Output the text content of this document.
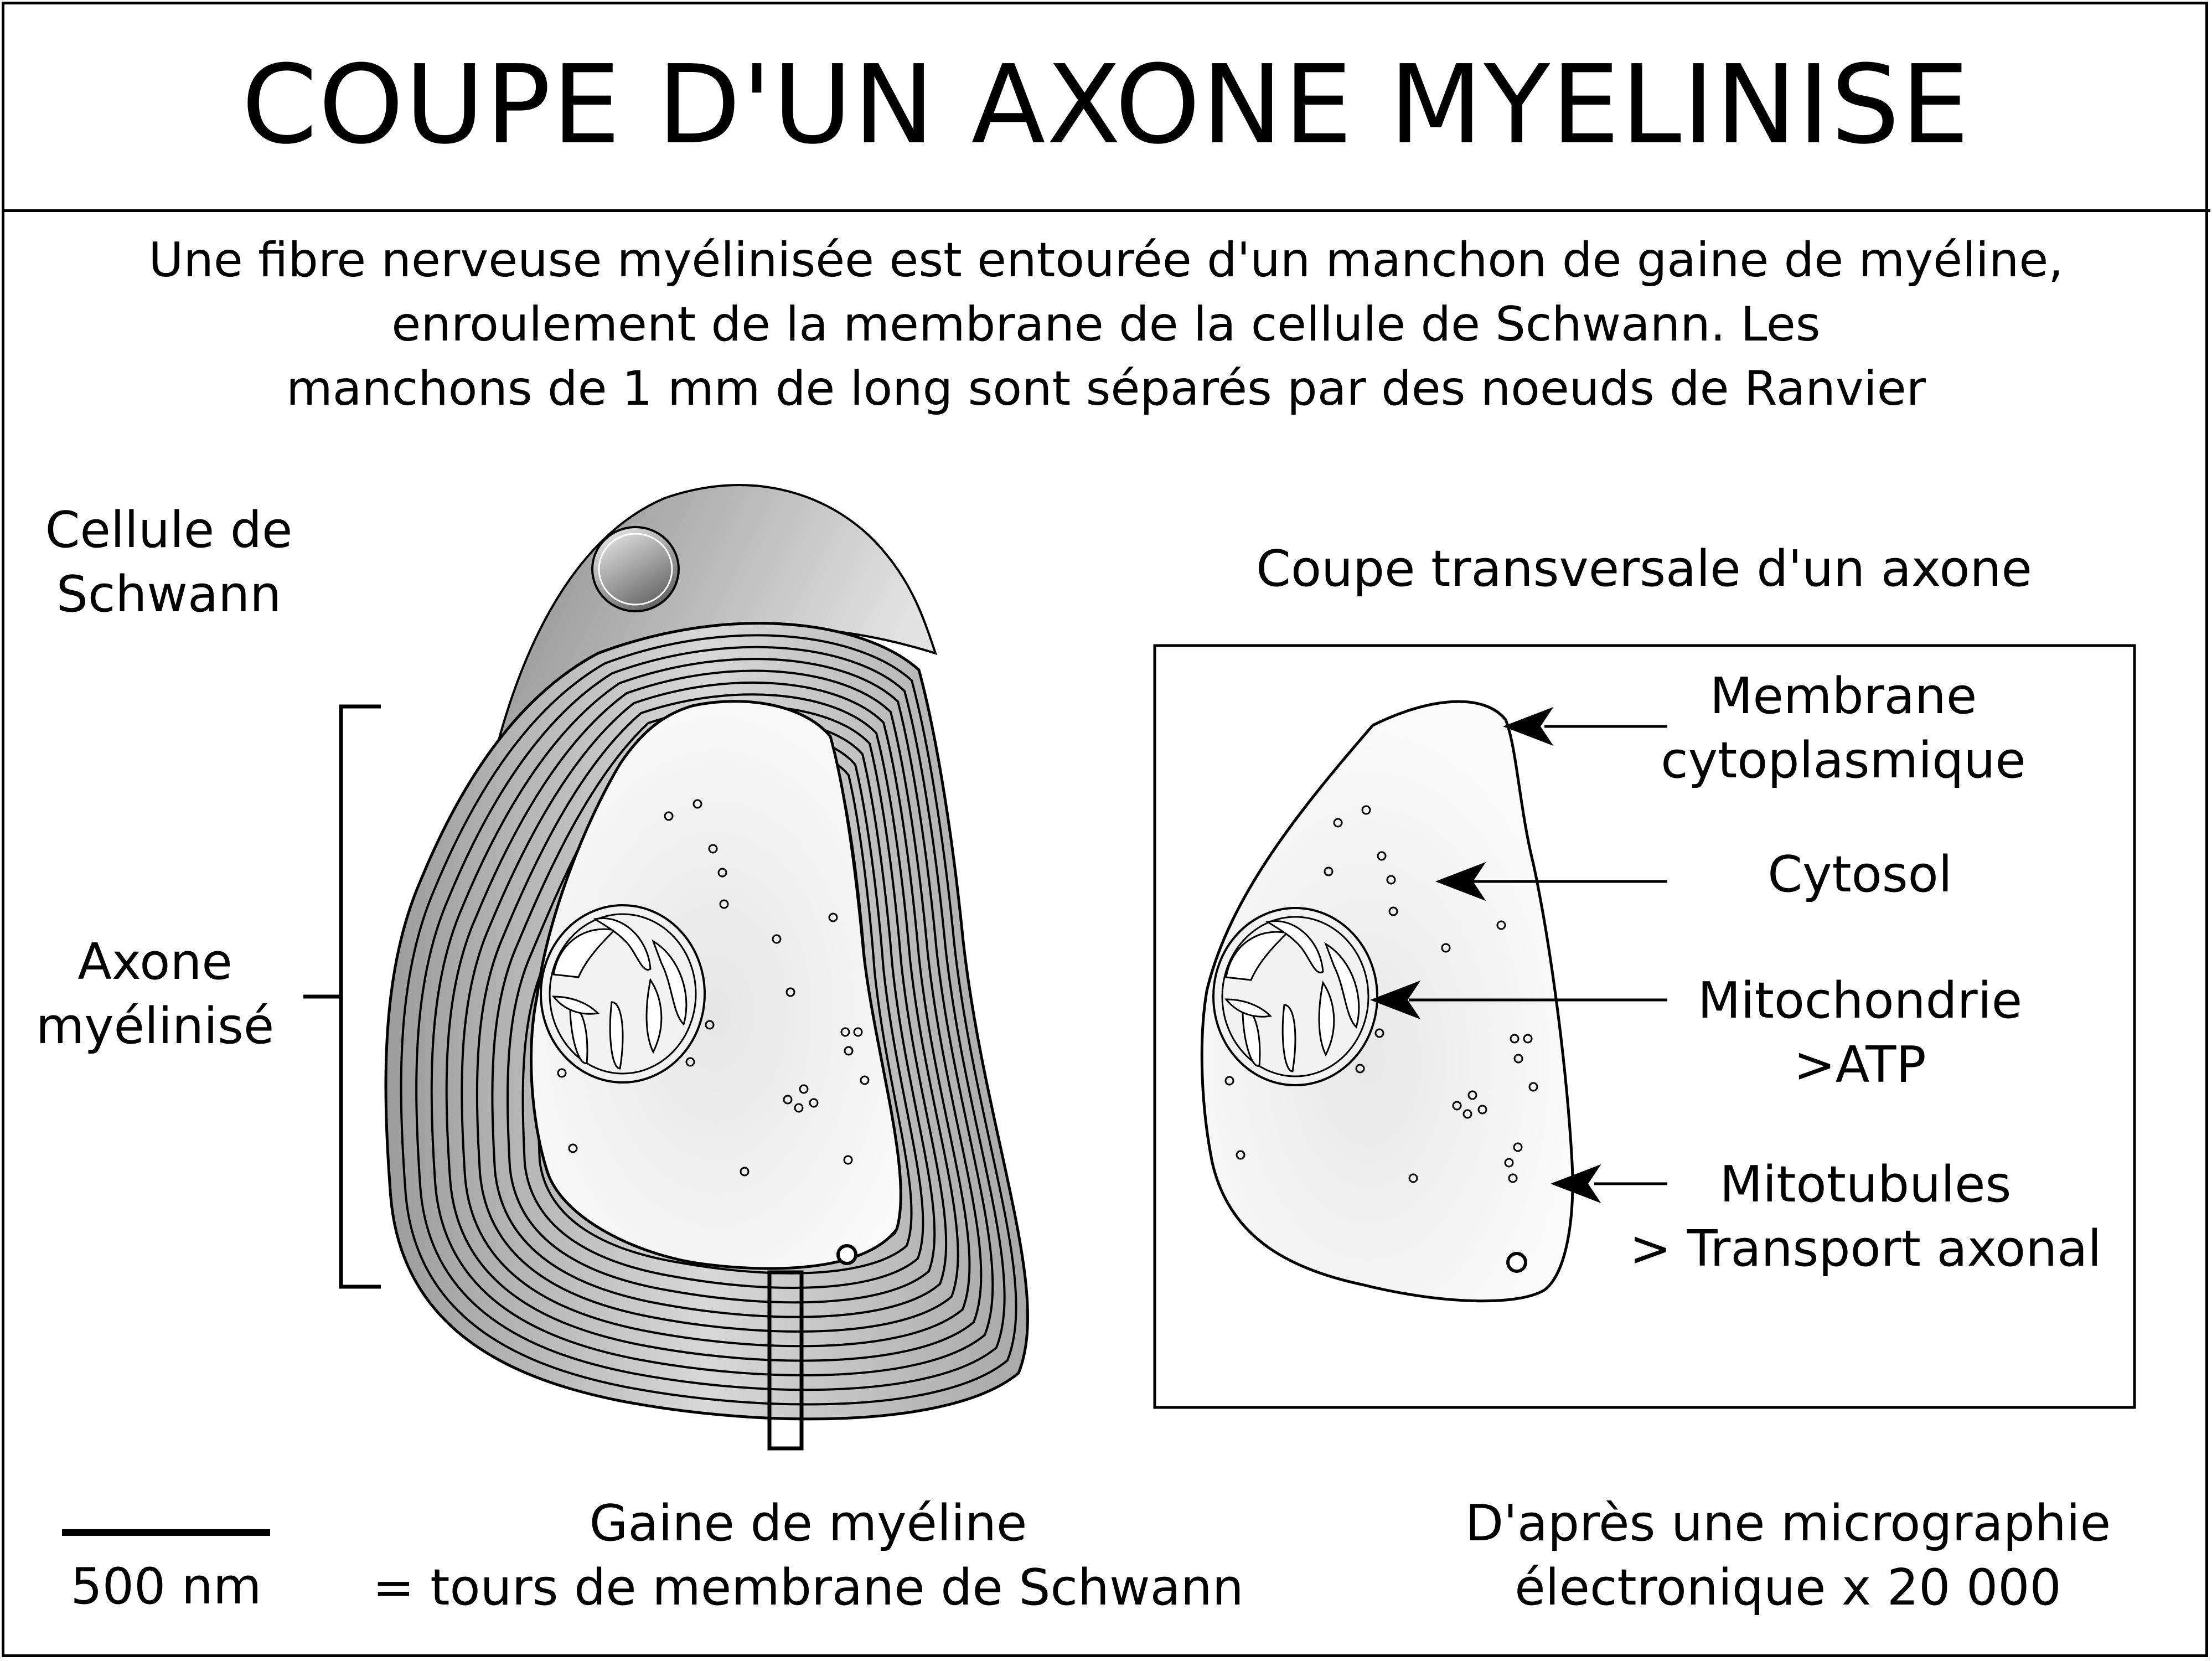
COUPE D'UN AXONE MYELINISE
Une fibre nerveuse myélinisée est entourée d'un manchon de gaine de myéline,
enroulement de la membrane de la cellule de Schwann. Les
manchons de 1 mm de long sont séparés par des noeuds de Ranvier
Cellule de
Schwann
Axone
myélinisé
Gaine de myéline
= tours de membrane de Schwann
500 nm
Coupe transversale d'un axone
Membrane
cytoplasmique
Cytosol
Mitochondrie
>ATP
Mitotubules
> Transport axonal
D'après une micrographie
électronique x 20 000
